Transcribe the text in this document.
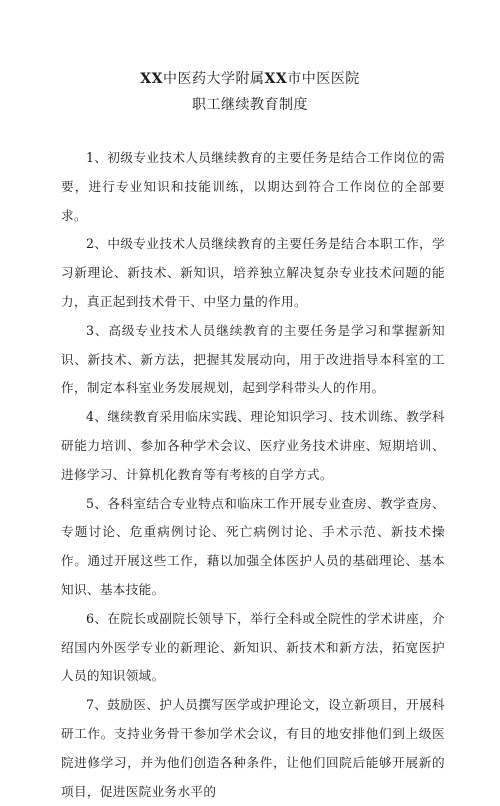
XX中医药大学附属XX市中医医院
职工继续教育制度

1、初级专业技术人员继续教育的主要任务是结合工作岗位的需要，进行专业知识和技能训练，以期达到符合工作岗位的全部要求。

2、中级专业技术人员继续教育的主要任务是结合本职工作，学习新理论、新技术、新知识，培养独立解决复杂专业技术问题的能力，真正起到技术骨干、中坚力量的作用。

3、高级专业技术人员继续教育的主要任务是学习和掌握新知识、新技术、新方法，把握其发展动向，用于改进指导本科室的工作，制定本科室业务发展规划，起到学科带头人的作用。

4、继续教育采用临床实践、理论知识学习、技术训练、教学科研能力培训、参加各种学术会议、医疗业务技术讲座、短期培训、进修学习、计算机化教育等有考核的自学方式。

5、各科室结合专业特点和临床工作开展专业查房、教学查房、专题讨论、危重病例讨论、死亡病例讨论、手术示范、新技术操作。通过开展这些工作，藉以加强全体医护人员的基础理论、基本知识、基本技能。

6、在院长或副院长领导下，举行全科或全院性的学术讲座，介绍国内外医学专业的新理论、新知识、新技术和新方法，拓宽医护人员的知识领域。

7、鼓励医、护人员撰写医学或护理论文，设立新项目，开展科研工作。支持业务骨干参加学术会议，有目的地安排他们到上级医院进修学习，并为他们创造各种条件，让他们回院后能够开展新的项目，促进医院业务水平的
